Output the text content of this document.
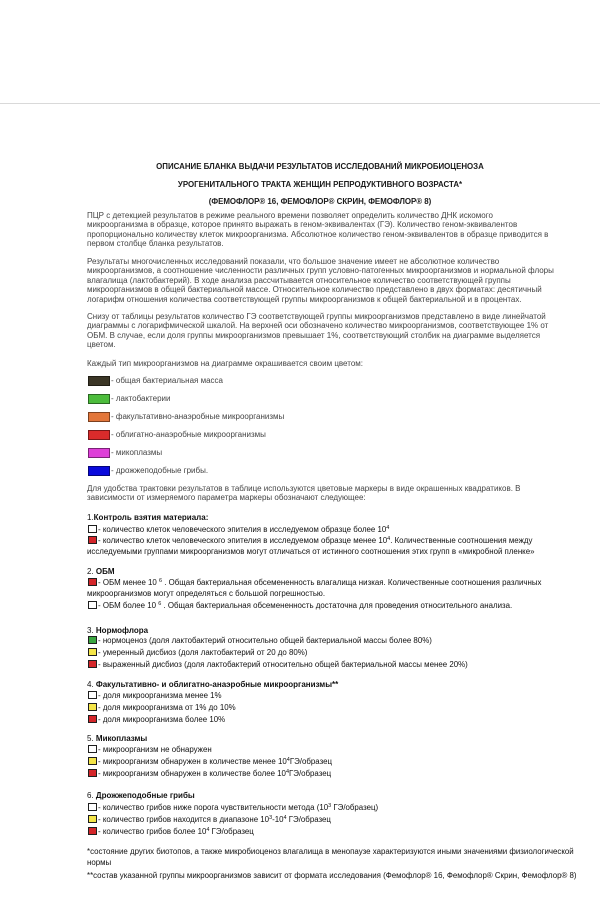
ОПИСАНИЕ БЛАНКА ВЫДАЧИ РЕЗУЛЬТАТОВ ИССЛЕДОВАНИЙ МИКРОБИОЦЕНОЗА
УРОГЕНИТАЛЬНОГО ТРАКТА ЖЕНЩИН РЕПРОДУКТИВНОГО ВОЗРАСТА*
(ФЕМОФЛОР® 16, ФЕМОФЛОР® СКРИН, ФЕМОФЛОР® 8)
ПЦР с детекцией результатов в режиме реального времени позволяет определить количество ДНК искомого
микроорганизма в образце, которое принято выражать в геном-эквивалентах (ГЭ). Количество геном-эквивалентов
пропорционально количеству клеток микроорганизма. Абсолютное количество геном-эквивалентов в образце приводится в
первом столбце бланка результатов.
Результаты многочисленных исследований показали, что большое значение имеет не абсолютное количество
микроорганизмов, а соотношение численности различных групп условно-патогенных микроорганизмов и нормальной флоры
влагалища (лактобактерий). В ходе анализа рассчитывается относительное количество соответствующей группы
микроорганизмов в общей бактериальной массе. Относительное количество представлено в двух форматах: десятичный
логарифм отношения количества соответствующей группы микроорганизмов к общей бактериальной и в процентах.
Снизу от таблицы результатов количество ГЭ соответствующей группы микроорганизмов представлено в виде линейчатой
диаграммы с логарифмической шкалой. На верхней оси обозначено количество микроорганизмов, соответствующее 1% от
ОБМ. В случае, если доля группы микроорганизмов превышает 1%, соответствующий столбик на диаграмме выделяется
цветом.
Каждый тип микроорганизмов на диаграмме окрашивается своим цветом:
- общая бактериальная масса
- лактобактерии
- факультативно-анаэробные микроорганизмы
- облигатно-анаэробные микроорганизмы
- микоплазмы
- дрожжеподобные грибы.
Для удобства трактовки результатов в таблице используются цветовые маркеры в виде окрашенных квадратиков. В
зависимости от измеряемого параметра маркеры обозначают следующее:
1.Контроль взятия материала:
- количество клеток человеческого эпителия в исследуемом образце более $10^4$
- количество клеток человеческого эпителия в исследуемом образце менее $10^4$. Количественные соотношения между
исследуемыми группами микроорганизмов могут отличаться от истинного соотношения этих групп в «микробной пленке»
2. ОБМ
- ОБМ менее 10 $^6$ . Общая бактериальная обсемененность влагалища низкая. Количественные соотношения различных
микроорганизмов могут определяться с большой погрешностью.
- ОБМ более 10 $^6$ . Общая бактериальная обсемененность достаточна для проведения относительного анализа.
3. Нормофлора
- нормоценоз (доля лактобактерий относительно общей бактериальной массы более 80%)
- умеренный дисбиоз (доля лактобактерий от 20 до 80%)
- выраженный дисбиоз (доля лактобактерий относительно общей бактериальной массы менее 20%)
4. Факультативно- и облигатно-анаэробные микроорганизмы**
- доля микроорганизма менее 1%
- доля микроорганизма от 1% до 10%
- доля микроорганизма более 10%
5. Микоплазмы
- микроорганизм не обнаружен
- микроорганизм обнаружен в количестве менее $10^4ГЭ$/образец
- микроорганизм обнаружен в количестве более $10^4ГЭ$/образец
6. Дрожжеподобные грибы
- количество грибов ниже порога чувствительности метода ($10^3$ ГЭ/образец)
- количество грибов находится в диапазоне $10^3-10^4$ ГЭ/образец
- количество грибов более $10^4$ ГЭ/образец
*состояние других биотопов, а также микробиоценоз влагалища в менопаузе характеризуются иными значениями физиологической
нормы
**состав указанной группы микроорганизмов зависит от формата исследования (Фемофлор® 16, Фемофлор® Скрин, Фемофлор® 8)
